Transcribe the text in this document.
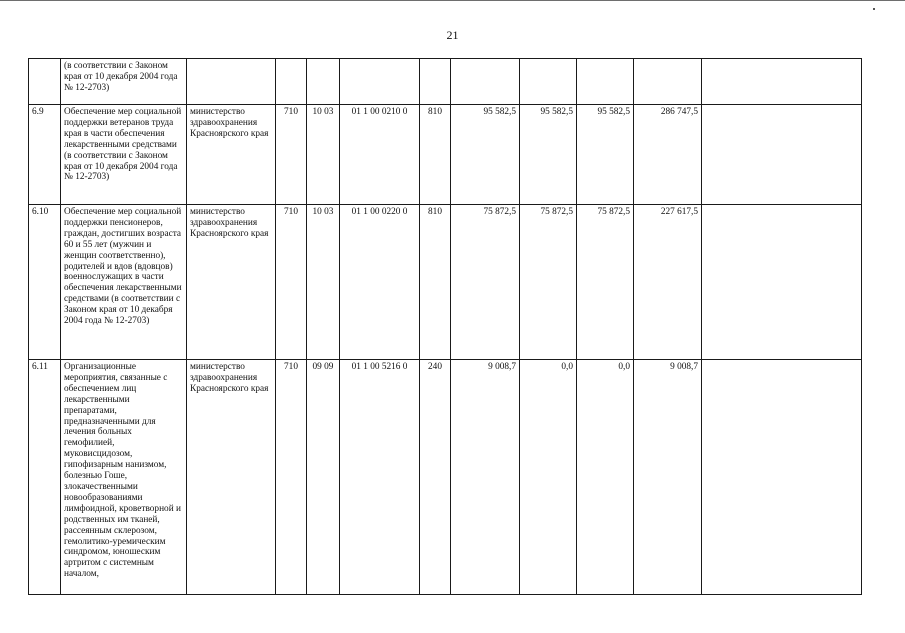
21
	(в соответствии с Законом края от 10 декабря 2004 года № 12-2703)										
6.9	Обеспечение мер социальной поддержки ветеранов труда края в части обеспечения лекарственными средствами (в соответствии с Законом края от 10 декабря 2004 года № 12-2703)	министерство здравоохранения Красноярского края	710	10 03	01 1 00 0210 0	810	95 582,5	95 582,5	95 582,5	286 747,5	
6.10	Обеспечение мер социальной поддержки пенсионеров, граждан, достигших возраста 60 и 55 лет (мужчин и женщин соответственно), родителей и вдов (вдовцов) военнослужащих в части обеспечения лекарственными средствами (в соответствии с Законом края от 10 декабря 2004 года № 12-2703)	министерство здравоохранения Красноярского края	710	10 03	01 1 00 0220 0	810	75 872,5	75 872,5	75 872,5	227 617,5	
6.11	Организационные мероприятия, связанные с обеспечением лиц лекарственными препаратами, предназначенными для лечения больных гемофилией, муковисцидозом, гипофизарным нанизмом, болезнью Гоше, злокачественными новообразованиями лимфоидной, кроветворной и родственных им тканей, рассеянным склерозом, гемолитико-уремическим синдромом, юношеским артритом с системным началом,	министерство здравоохранения Красноярского края	710	09 09	01 1 00 5216 0	240	9 008,7	0,0	0,0	9 008,7	
